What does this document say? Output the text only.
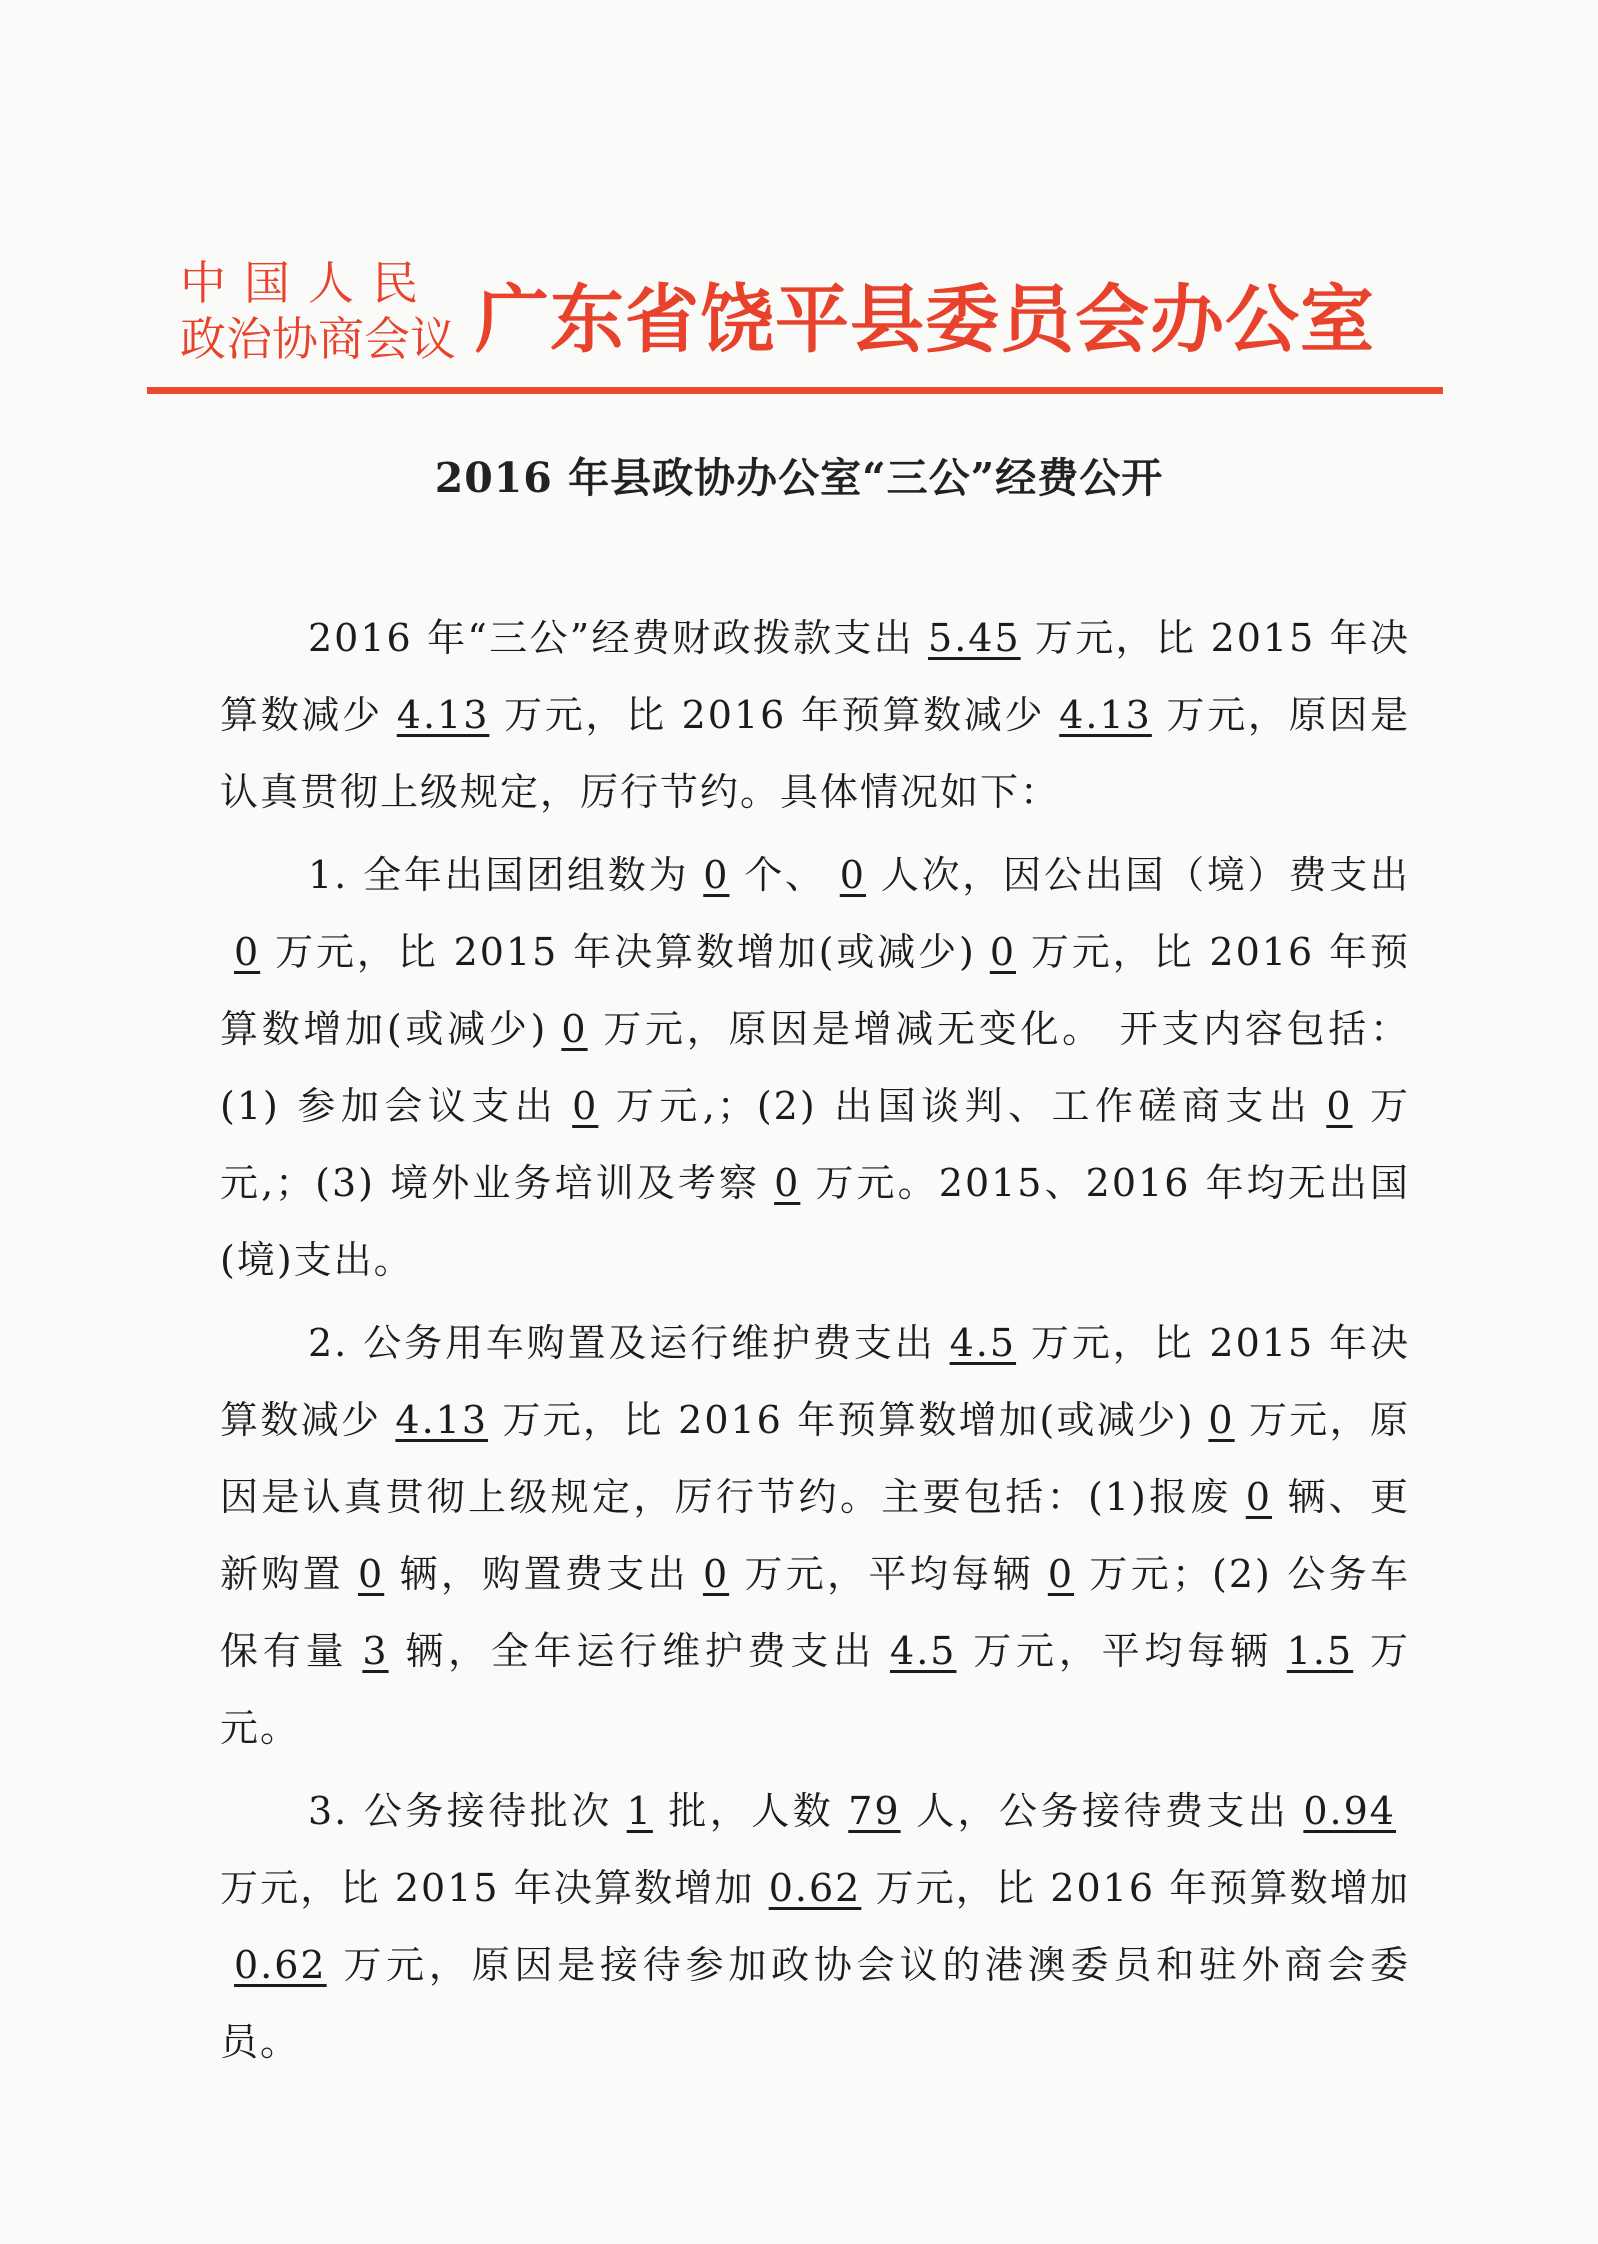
中国人民
政治协商会议 广东省饶平县委员会办公室
2016 年县政协办公室“三公”经费公开

2016 年“三公”经费财政拨款支出 5.45 万元，比 2015 年决算数减少 4.13 万元，比 2016 年预算数减少 4.13 万元，原因是认真贯彻上级规定，厉行节约。具体情况如下：

1. 全年出国团组数为 0 个、 0 人次，因公出国（境）费支出0 万元，比 2015 年决算数增加(或减少) 0 万元，比 2016 年预算数增加(或减少) 0 万元，原因是增减无变化。 开支内容包括：(1) 参加会议支出 0 万元,；(2) 出国谈判、工作磋商支出 0 万元,；(3) 境外业务培训及考察 0 万元。2015、2016 年均无出国(境)支出。

2. 公务用车购置及运行维护费支出 4.5 万元，比 2015 年决算数减少 4.13 万元，比 2016 年预算数增加(或减少) 0 万元，原因是认真贯彻上级规定，厉行节约。主要包括：(1)报废 0 辆、更新购置 0 辆，购置费支出 0 万元，平均每辆 0 万元；(2) 公务车保有量 3 辆，全年运行维护费支出 4.5 万元，平均每辆 1.5 万元。

3. 公务接待批次 1 批，人数 79 人，公务接待费支出 0.94万元，比 2015 年决算数增加 0.62 万元，比 2016 年预算数增加0.62 万元，原因是接待参加政协会议的港澳委员和驻外商会委员。
